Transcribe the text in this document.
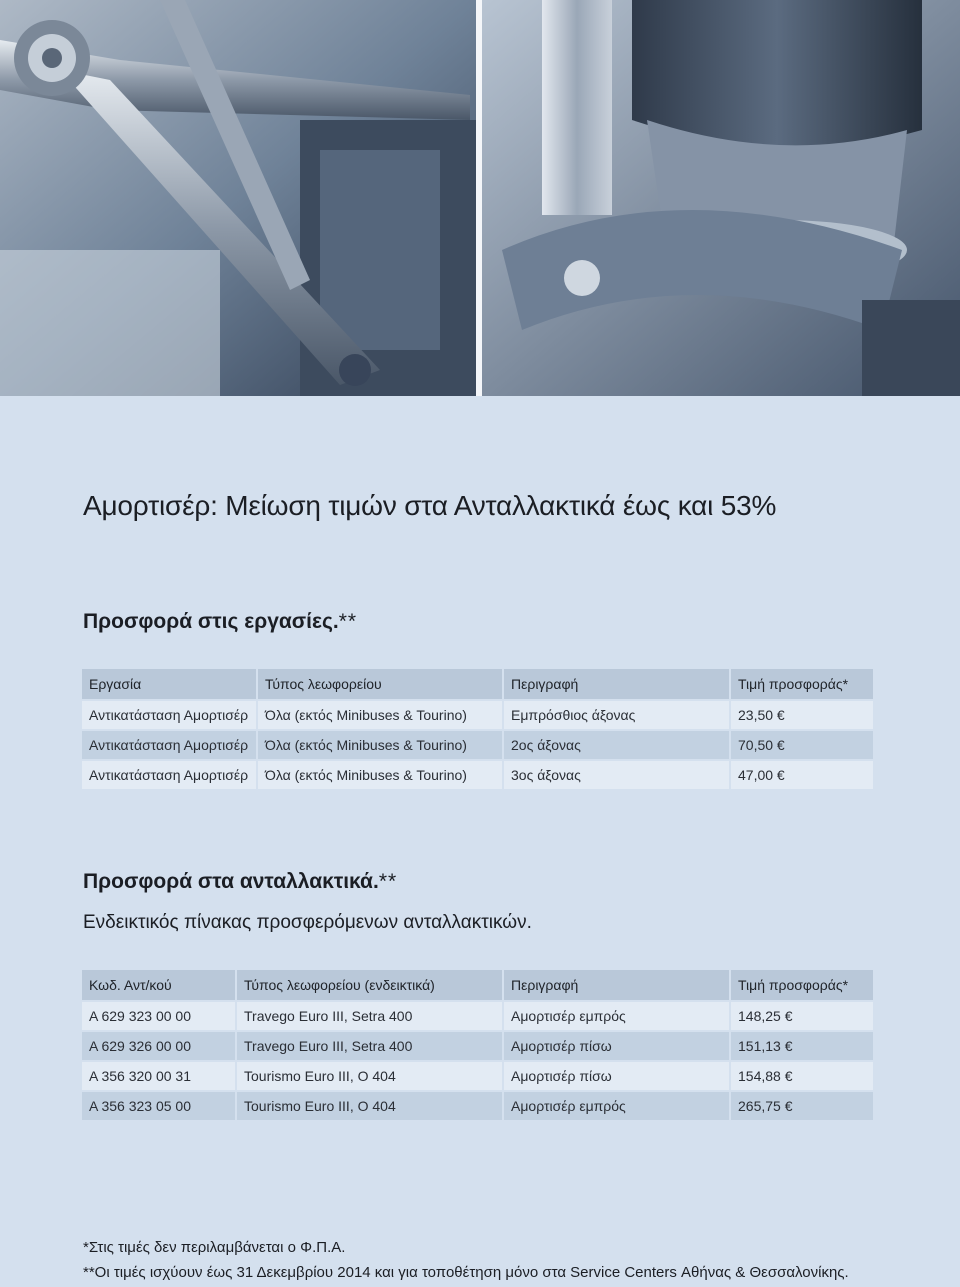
Αμορτισέρ: Μείωση τιμών στα Ανταλλακτικά έως και 53%
Προσφορά στις εργασίες.**
Εργασία	Τύπος λεωφορείου	Περιγραφή	Τιμή προσφοράς*
Αντικατάσταση Αμορτισέρ	Όλα (εκτός Minibuses & Tourino)	Εμπρόσθιος άξονας	23,50 €
Αντικατάσταση Αμορτισέρ	Όλα (εκτός Minibuses & Tourino)	2ος άξονας	70,50 €
Αντικατάσταση Αμορτισέρ	Όλα (εκτός Minibuses & Tourino)	3ος άξονας	47,00 €
Προσφορά στα ανταλλακτικά.**

Ενδεικτικός πίνακας προσφερόμενων ανταλλακτικών.

Κωδ. Αντ/κού	Τύπος λεωφορείου (ενδεικτικά)	Περιγραφή	Τιμή προσφοράς*
A 629 323 00 00	Travego Euro III, Setra 400	Αμορτισέρ εμπρός	148,25 €
A 629 326 00 00	Travego Euro III, Setra 400	Αμορτισέρ πίσω	151,13 €
A 356 320 00 31	Tourismo Euro III, O 404	Αμορτισέρ πίσω	154,88 €
A 356 323 05 00	Tourismo Euro III, O 404	Αμορτισέρ εμπρός	265,75 €

*Στις τιμές δεν περιλαμβάνεται ο Φ.Π.Α.

**Οι τιμές ισχύουν έως 31 Δεκεμβρίου 2014 και για τοποθέτηση μόνο στα Service Centers Αθήνας & Θεσσαλονίκης.
